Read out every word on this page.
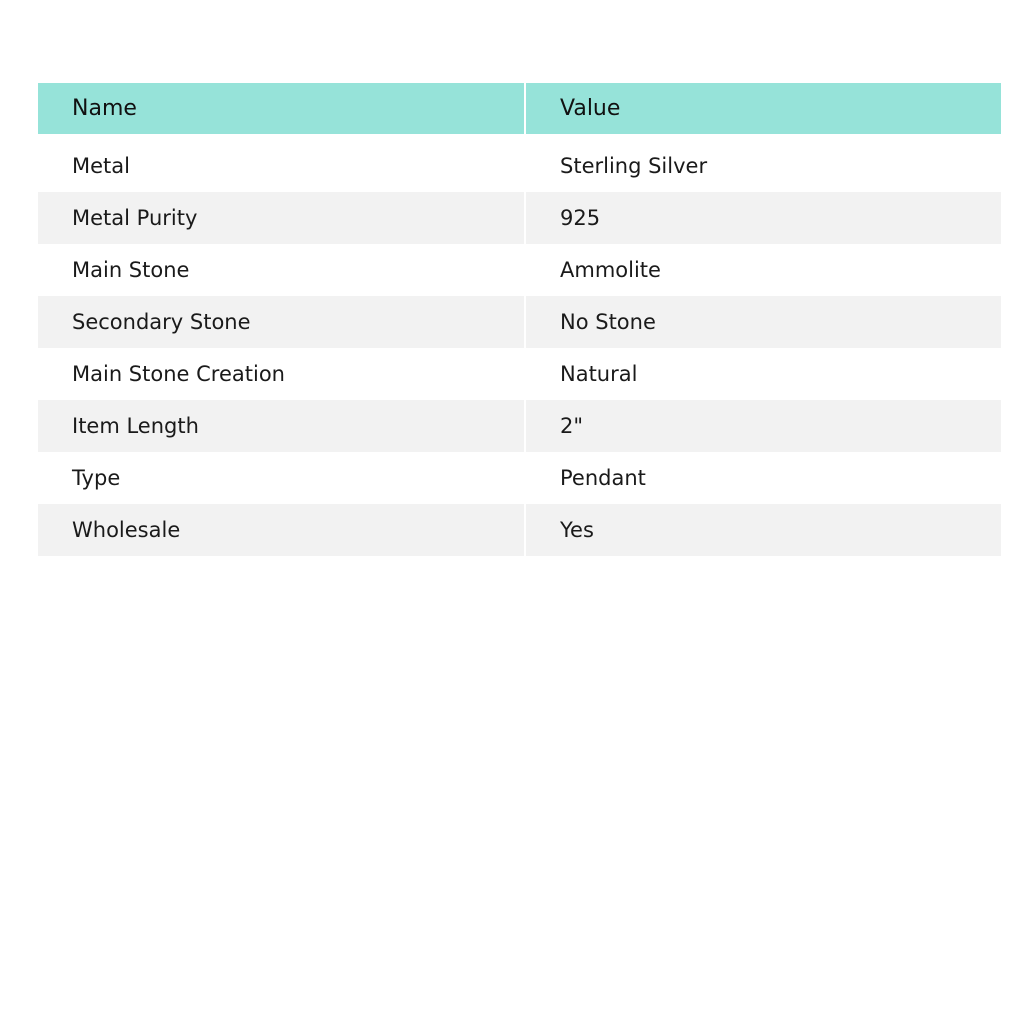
Name	Value

Metal	Sterling Silver
Metal Purity	925
Main Stone	Ammolite
Secondary Stone	No Stone
Main Stone Creation	Natural
Item Length	2"
Type	Pendant
Wholesale	Yes
